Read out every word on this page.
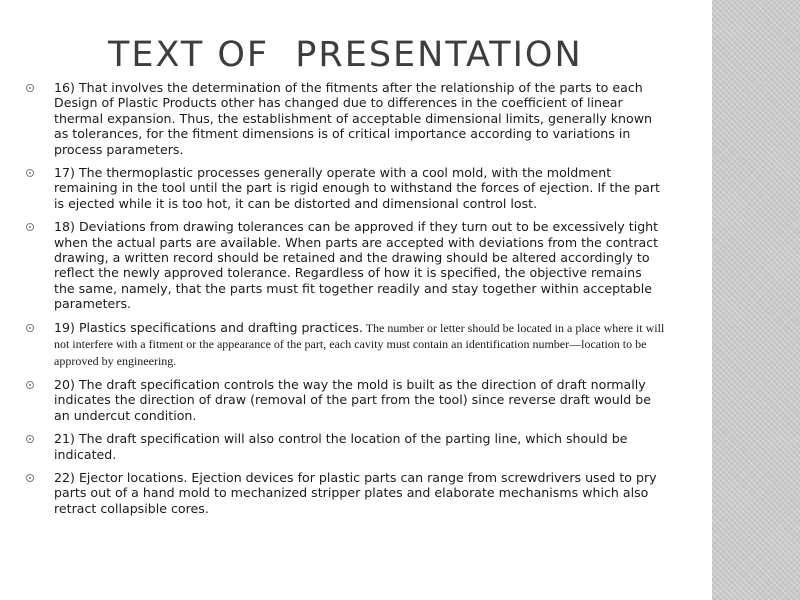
TEXT OF  PRESENTATION
16) That involves the determination of the fitments after the relationship of the parts to each Design of Plastic Products other has changed due to differences in the coefficient of linear thermal expansion. Thus, the establishment of acceptable dimensional limits, generally known as tolerances, for the fitment dimensions is of critical importance according to variations in process parameters.
17) The thermoplastic processes generally operate with a cool mold, with the moldment remaining in the tool until the part is rigid enough to withstand the forces of ejection. If the part is ejected while it is too hot, it can be distorted and dimensional control lost.
18) Deviations from drawing tolerances can be approved if they turn out to be excessively tight when the actual parts are available. When parts are accepted with deviations from the contract drawing, a written record should be retained and the drawing should be altered accordingly to reflect the newly approved tolerance. Regardless of how it is specified, the objective remains the same, namely, that the parts must fit together readily and stay together within acceptable parameters.
19) Plastics specifications and drafting practices. The number or letter should be located in a place where it will not interfere with a fitment or the appearance of the part, each cavity must contain an identification number—location to be approved by engineering.
20) The draft specification controls the way the mold is built as the direction of draft normally indicates the direction of draw (removal of the part from the tool) since reverse draft would be an undercut condition.
21) The draft specification will also control the location of the parting line, which should be indicated.
22) Ejector locations. Ejection devices for plastic parts can range from screwdrivers used to pry parts out of a hand mold to mechanized stripper plates and elaborate mechanisms which also retract collapsible cores.
